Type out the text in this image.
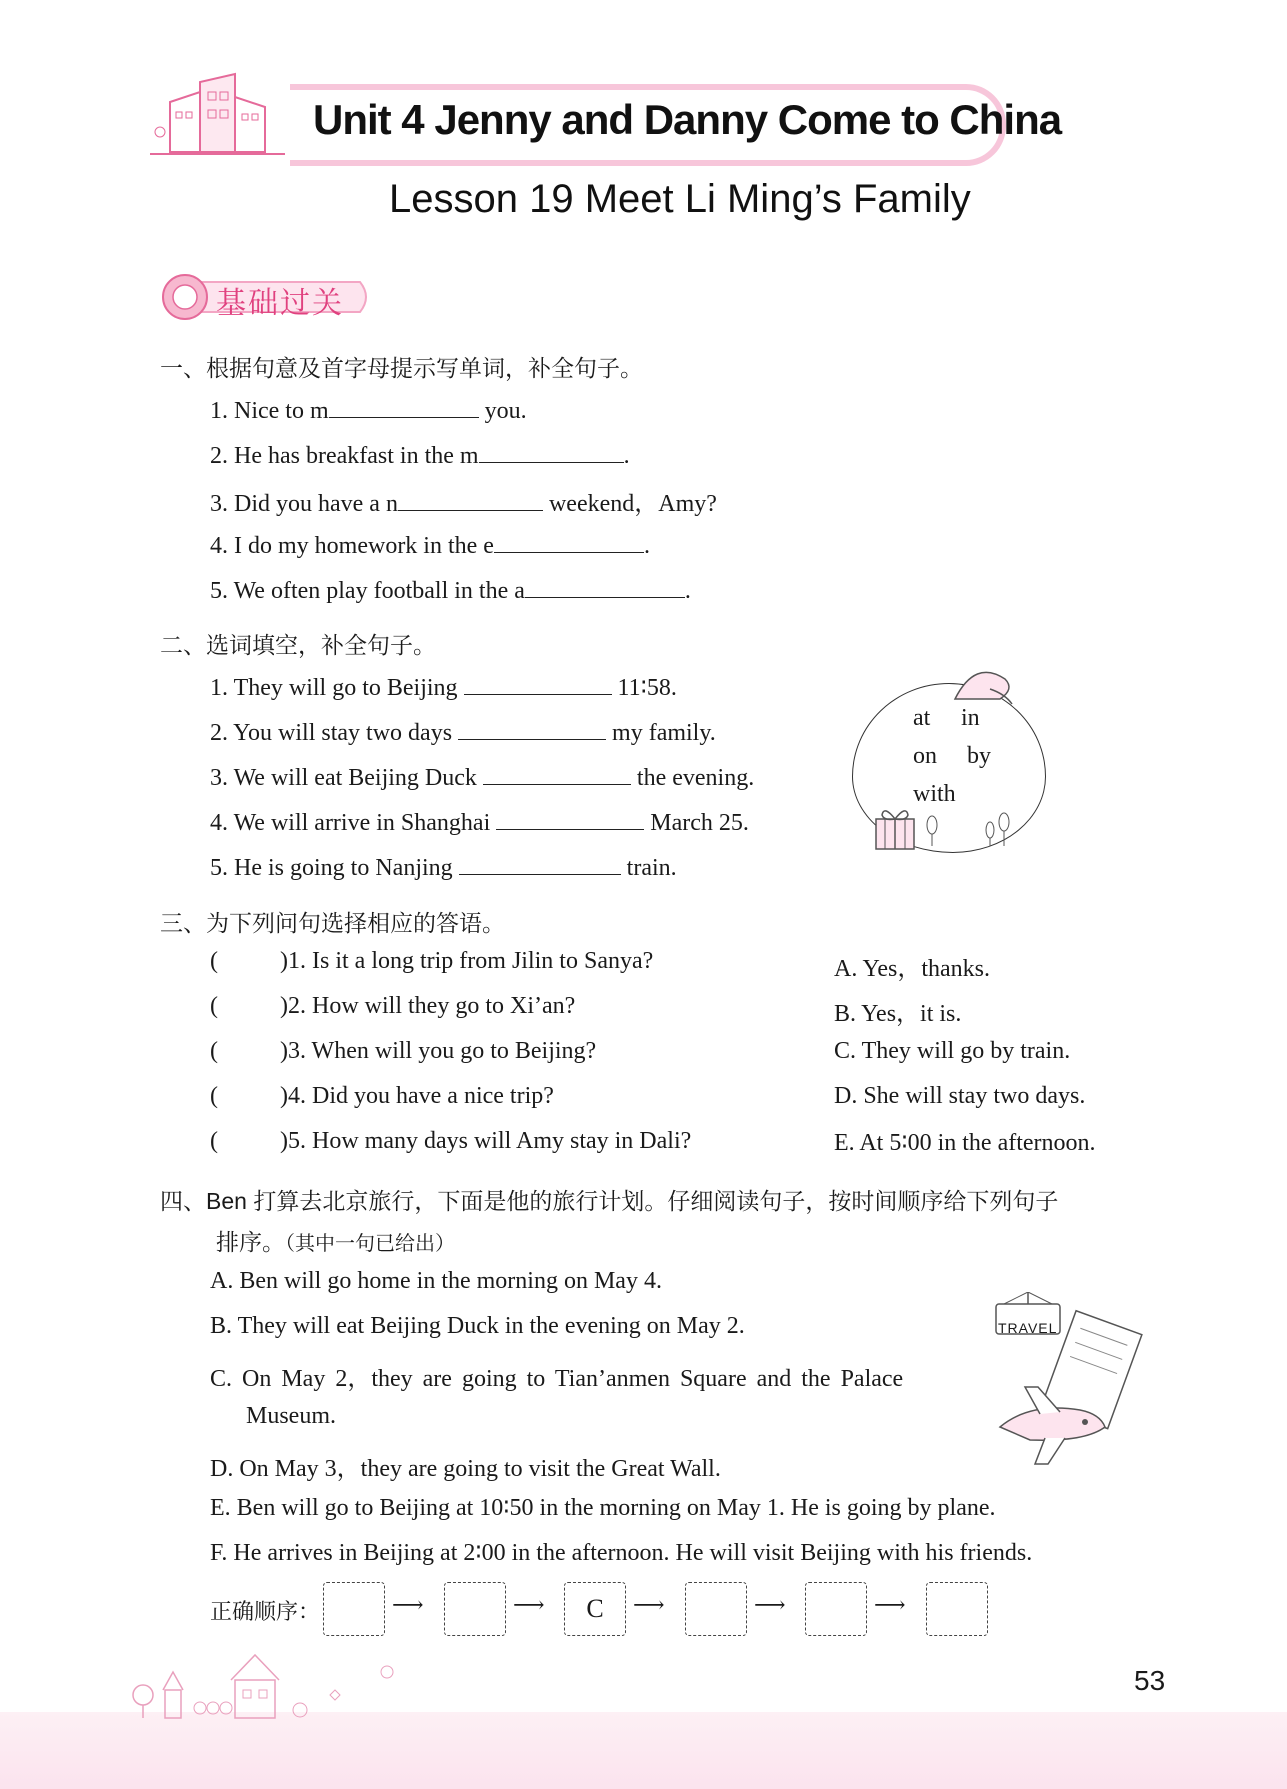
Unit 4 Jenny and Danny Come to China
Lesson 19 Meet Li Ming’s Family
基础过关
一、根据句意及首字母提示写单词，补全句子。
1. Nice to m	you.
2. He has breakfast in the m	.
3. Did you have a n	weekend，Amy?
4. I do my homework in the e	.
5. We often play football in the a	.
二、选词填空，补全句子。
1. They will go to Beijing	11∶58.
2. You will stay two days	my family.
3. We will eat Beijing Duck	the evening.
4. We will arrive in Shanghai	March 25.
5. He is going to Nanjing	train.
at in
on by
with
三、为下列问句选择相应的答语。
(	)1. Is it a long trip from Jilin to Sanya?	A. Yes，thanks.
(	)2. How will they go to Xi’an?	B. Yes，it is.
(	)3. When will you go to Beijing?	C. They will go by train.
(	)4. Did you have a nice trip?	D. She will stay two days.
(	)5. How many days will Amy stay in Dali?	E. At 5∶00 in the afternoon.
四、Ben 打算去北京旅行，下面是他的旅行计划。仔细阅读句子，按时间顺序给下列句子
排序。（其中一句已给出）
A. Ben will go home in the morning on May 4.
B. They will eat Beijing Duck in the evening on May 2.
C. On May 2，they are going to Tian’anmen Square and the Palace
Museum.
D. On May 3，they are going to visit the Great Wall.
E. Ben will go to Beijing at 10∶50 in the morning on May 1. He is going by plane.
F. He arrives in Beijing at 2∶00 in the afternoon. He will visit Beijing with his friends.
TRAVEL
正确顺序：	⟶	⟶	C	⟶	⟶	⟶
53
